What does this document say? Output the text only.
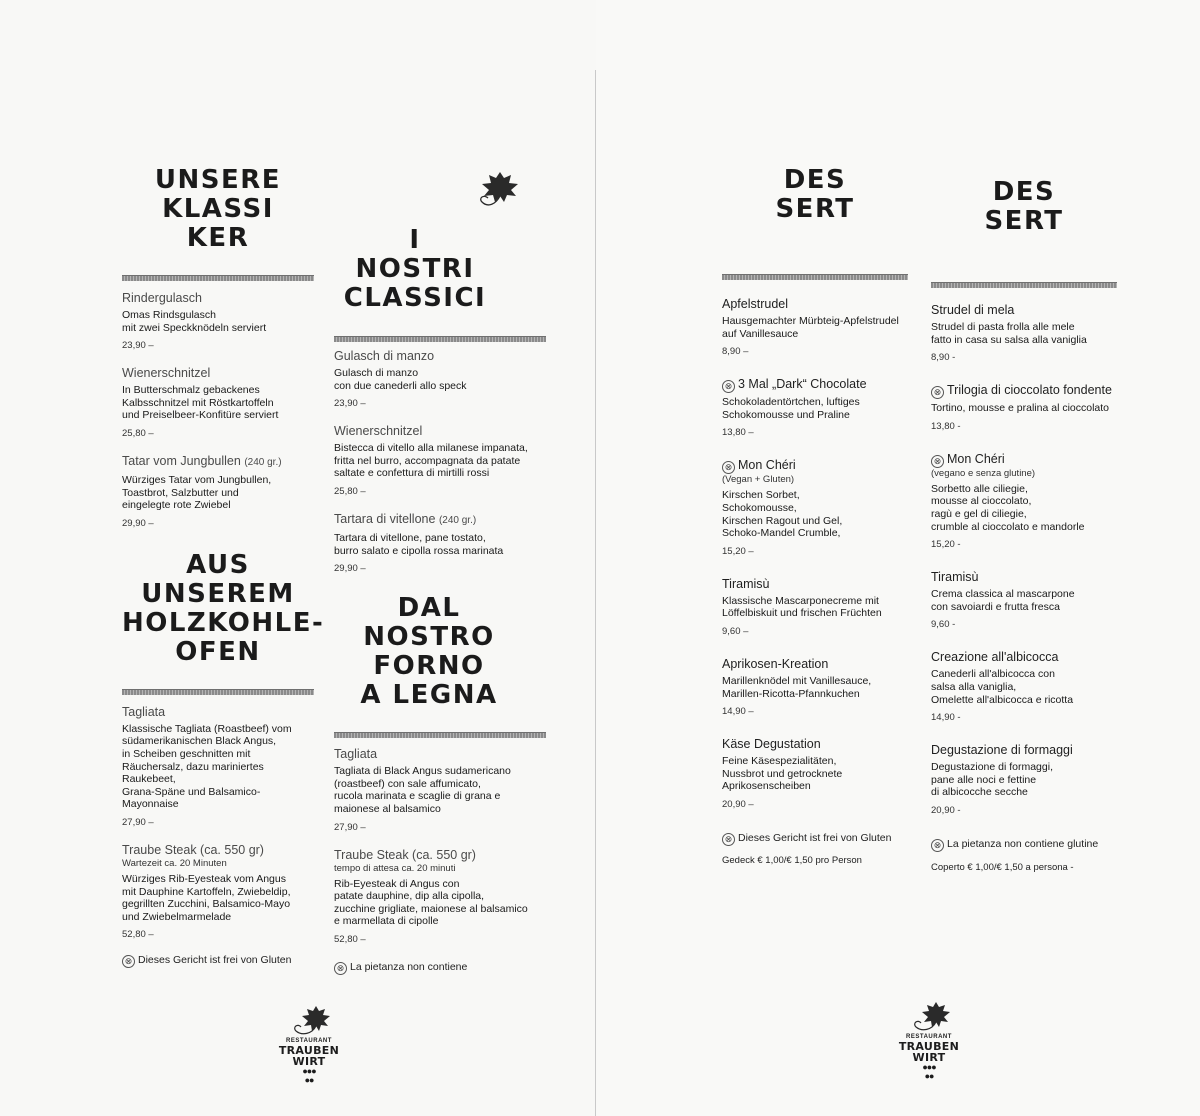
UNSERE
KLASSI
KER
Rindergulasch
Omas Rindsgulasch
mit zwei Speckknödeln serviert
23,90 –
Wienerschnitzel
In Butterschmalz gebackenes
Kalbsschnitzel mit Röstkartoffeln
und Preiselbeer-Konfitüre serviert
25,80 –
Tatar vom Jungbullen (240 gr.)
Würziges Tatar vom Jungbullen,
Toastbrot, Salzbutter und
eingelegte rote Zwiebel
29,90 –
AUS UNSEREM
HOLZKOHLE-
OFEN
Tagliata
Klassische Tagliata (Roastbeef) vom
südamerikanischen Black Angus,
in Scheiben geschnitten mit
Räuchersalz, dazu mariniertes Raukebeet,
Grana-Späne und Balsamico-Mayonnaise
27,90 –
Traube Steak (ca. 550 gr)
Wartezeit ca. 20 Minuten
Würziges Rib-Eyesteak vom Angus
mit Dauphine Kartoffeln, Zwiebeldip,
gegrillten Zucchini, Balsamico-Mayo
und Zwiebelmarmelade
52,80 –
⊗ Dieses Gericht ist frei von Gluten
I
NOSTRI
CLASSICI
Gulasch di manzo
Gulasch di manzo
con due canederli allo speck
23,90 –
Wienerschnitzel
Bistecca di vitello alla milanese impanata,
fritta nel burro, accompagnata da patate
saltate e confettura di mirtilli rossi
25,80 –
Tartara di vitellone (240 gr.)
Tartara di vitellone, pane tostato,
burro salato e cipolla rossa marinata
29,90 –
DAL NOSTRO
FORNO
A LEGNA
Tagliata
Tagliata di Black Angus sudamericano
(roastbeef) con sale affumicato,
rucola marinata e scaglie di grana e
maionese al balsamico
27,90 –
Traube Steak (ca. 550 gr)
tempo di attesa ca. 20 minuti
Rib-Eyesteak di Angus con
patate dauphine, dip alla cipolla,
zucchine grigliate, maionese al balsamico
e marmellata di cipolle
52,80 –
⊗ La pietanza non contiene
RESTAURANT
TRAUBEN
WIRT
●●●
●●
DES
SERT
Apfelstrudel
Hausgemachter Mürbteig-Apfelstrudel
auf Vanillesauce
8,90 –
⊗ 3 Mal „Dark“ Chocolate
Schokoladentörtchen, luftiges
Schokomousse und Praline
13,80 –
⊗ Mon Chéri
(Vegan + Gluten)
Kirschen Sorbet,
Schokomousse,
Kirschen Ragout und Gel,
Schoko-Mandel Crumble,
15,20 –
Tiramisù
Klassische Mascarponecreme mit
Löffelbiskuit und frischen Früchten
9,60 –
Aprikosen-Kreation
Marillenknödel mit Vanillesauce,
Marillen-Ricotta-Pfannkuchen
14,90 –
Käse Degustation
Feine Käsespezialitäten,
Nussbrot und getrocknete
Aprikosenscheiben
20,90 –
⊗ Dieses Gericht ist frei von Gluten
Gedeck € 1,00/€ 1,50 pro Person
DES
SERT
Strudel di mela
Strudel di pasta frolla alle mele
fatto in casa su salsa alla vaniglia
8,90 -
⊗ Trilogia di cioccolato fondente
Tortino, mousse e pralina al cioccolato
13,80 -
⊗ Mon Chéri
(vegano e senza glutine)
Sorbetto alle ciliegie,
mousse al cioccolato,
ragù e gel di ciliegie,
crumble al cioccolato e mandorle
15,20 -
Tiramisù
Crema classica al mascarpone
con savoiardi e frutta fresca
9,60 -
Creazione all'albicocca
Canederli all'albicocca con
salsa alla vaniglia,
Omelette all'albicocca e ricotta
14,90 -
Degustazione di formaggi
Degustazione di formaggi,
pane alle noci e fettine
di albicocche secche
20,90 -
⊗ La pietanza non contiene glutine
Coperto € 1,00/€ 1,50 a persona -
RESTAURANT
TRAUBEN
WIRT
●●●
●●
